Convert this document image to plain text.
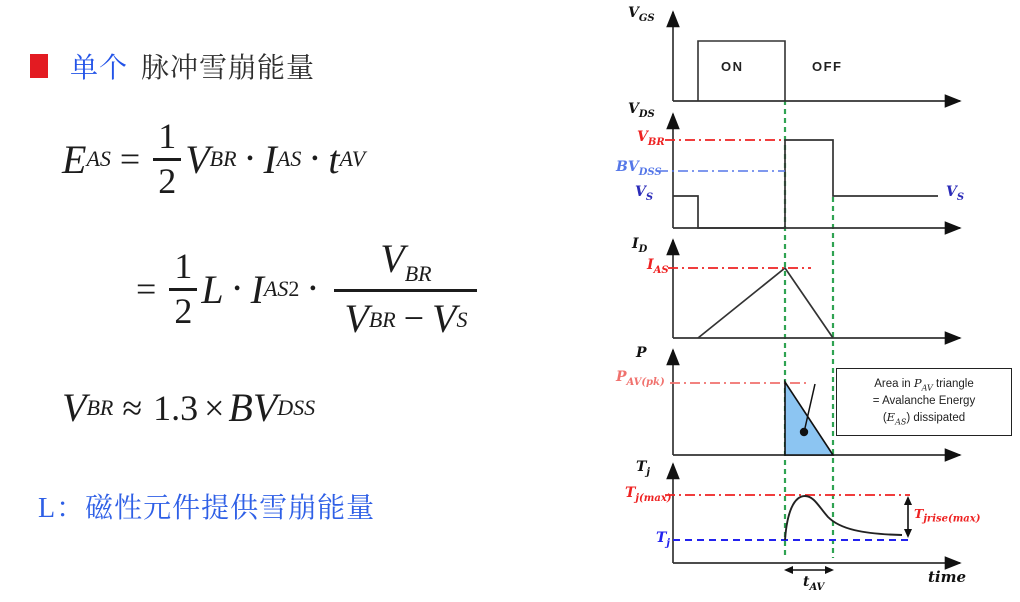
单个 脉冲雪崩能量
E AS = $\frac{1}{2}$ V BR • I AS • t AV
= $\frac{1}{2}$ L • I AS 2 • $\frac{V_{BR}}{\text{V BR − V S}}$
V BR ≈ 1.3 × BV DSS
L：磁性元件提供雪崩能量
$V_{GS}$
ON	OFF
$V_{DS}$
$V_{BR}$
$BV_{DSS}$
$V_S$	$V_S$
$I_D$
$I_{AS}$
P
$P_{AV(pk)}$	Area in $P_{AV}$ triangle
= Avalanche Energy
$(E_{AS})$ dissipated
$T_j$
$T_{j(max)}$
$T_j$
$T_{jrise(max)}$
$t_{AV}$
time
